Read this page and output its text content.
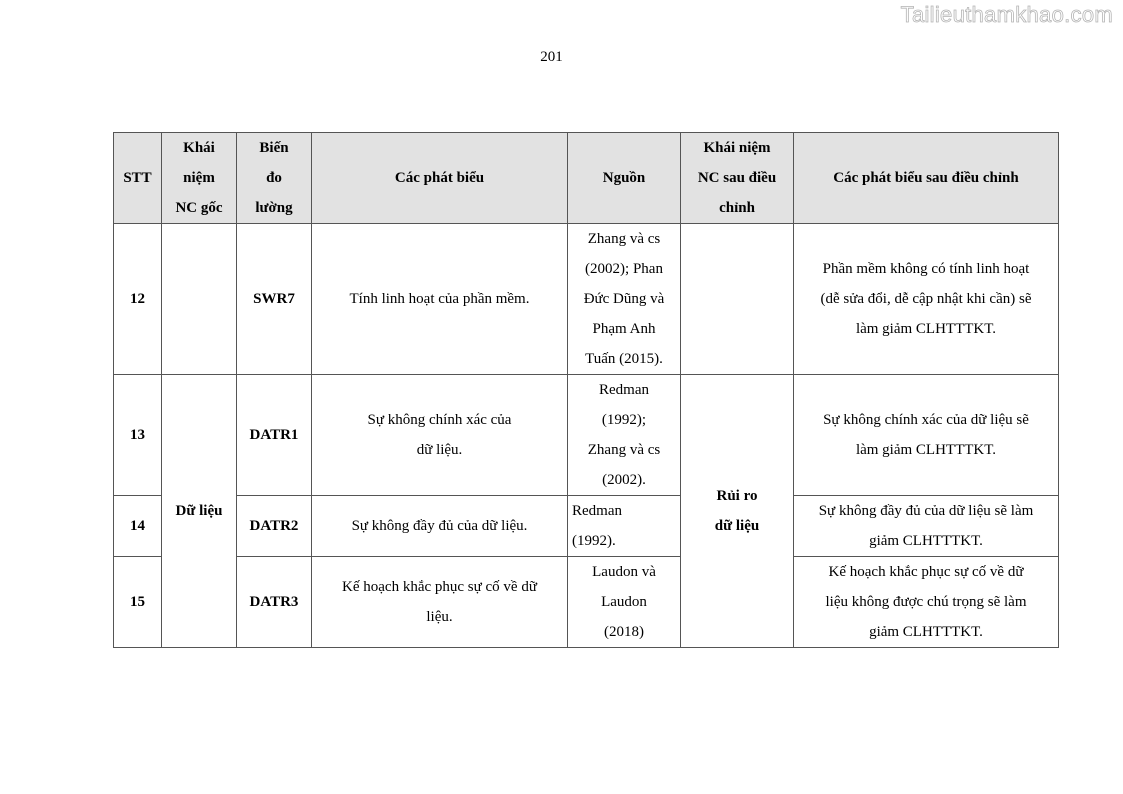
Tailieuthamkhao.com
201
STT	Khái
niệm
NC gốc	Biến
đo
lường	Các phát biểu	Nguồn	Khái niệm
NC sau điều
chỉnh	Các phát biểu sau điều chỉnh
12		SWR7	Tính linh hoạt của phần mềm.	Zhang và cs
(2002); Phan
Đức Dũng và
Phạm Anh
Tuấn (2015).		Phần mềm không có tính linh hoạt
(dễ sửa đổi, dễ cập nhật khi cần) sẽ
làm giảm CLHTTTKT.
13	Dữ liệu	DATR1	Sự không chính xác của
dữ liệu.	Redman
(1992);
Zhang và cs
(2002).	Rủi ro
dữ liệu	Sự không chính xác của dữ liệu sẽ
làm giảm CLHTTTKT.
14		DATR2	Sự không đầy đủ của dữ liệu.	Redman
(1992).		Sự không đầy đủ của dữ liệu sẽ làm
giảm CLHTTTKT.
15		DATR3	Kế hoạch khắc phục sự cố về dữ
liệu.	Laudon và
Laudon
(2018)		Kế hoạch khắc phục sự cố về dữ
liệu không được chú trọng sẽ làm
giảm CLHTTTKT.
